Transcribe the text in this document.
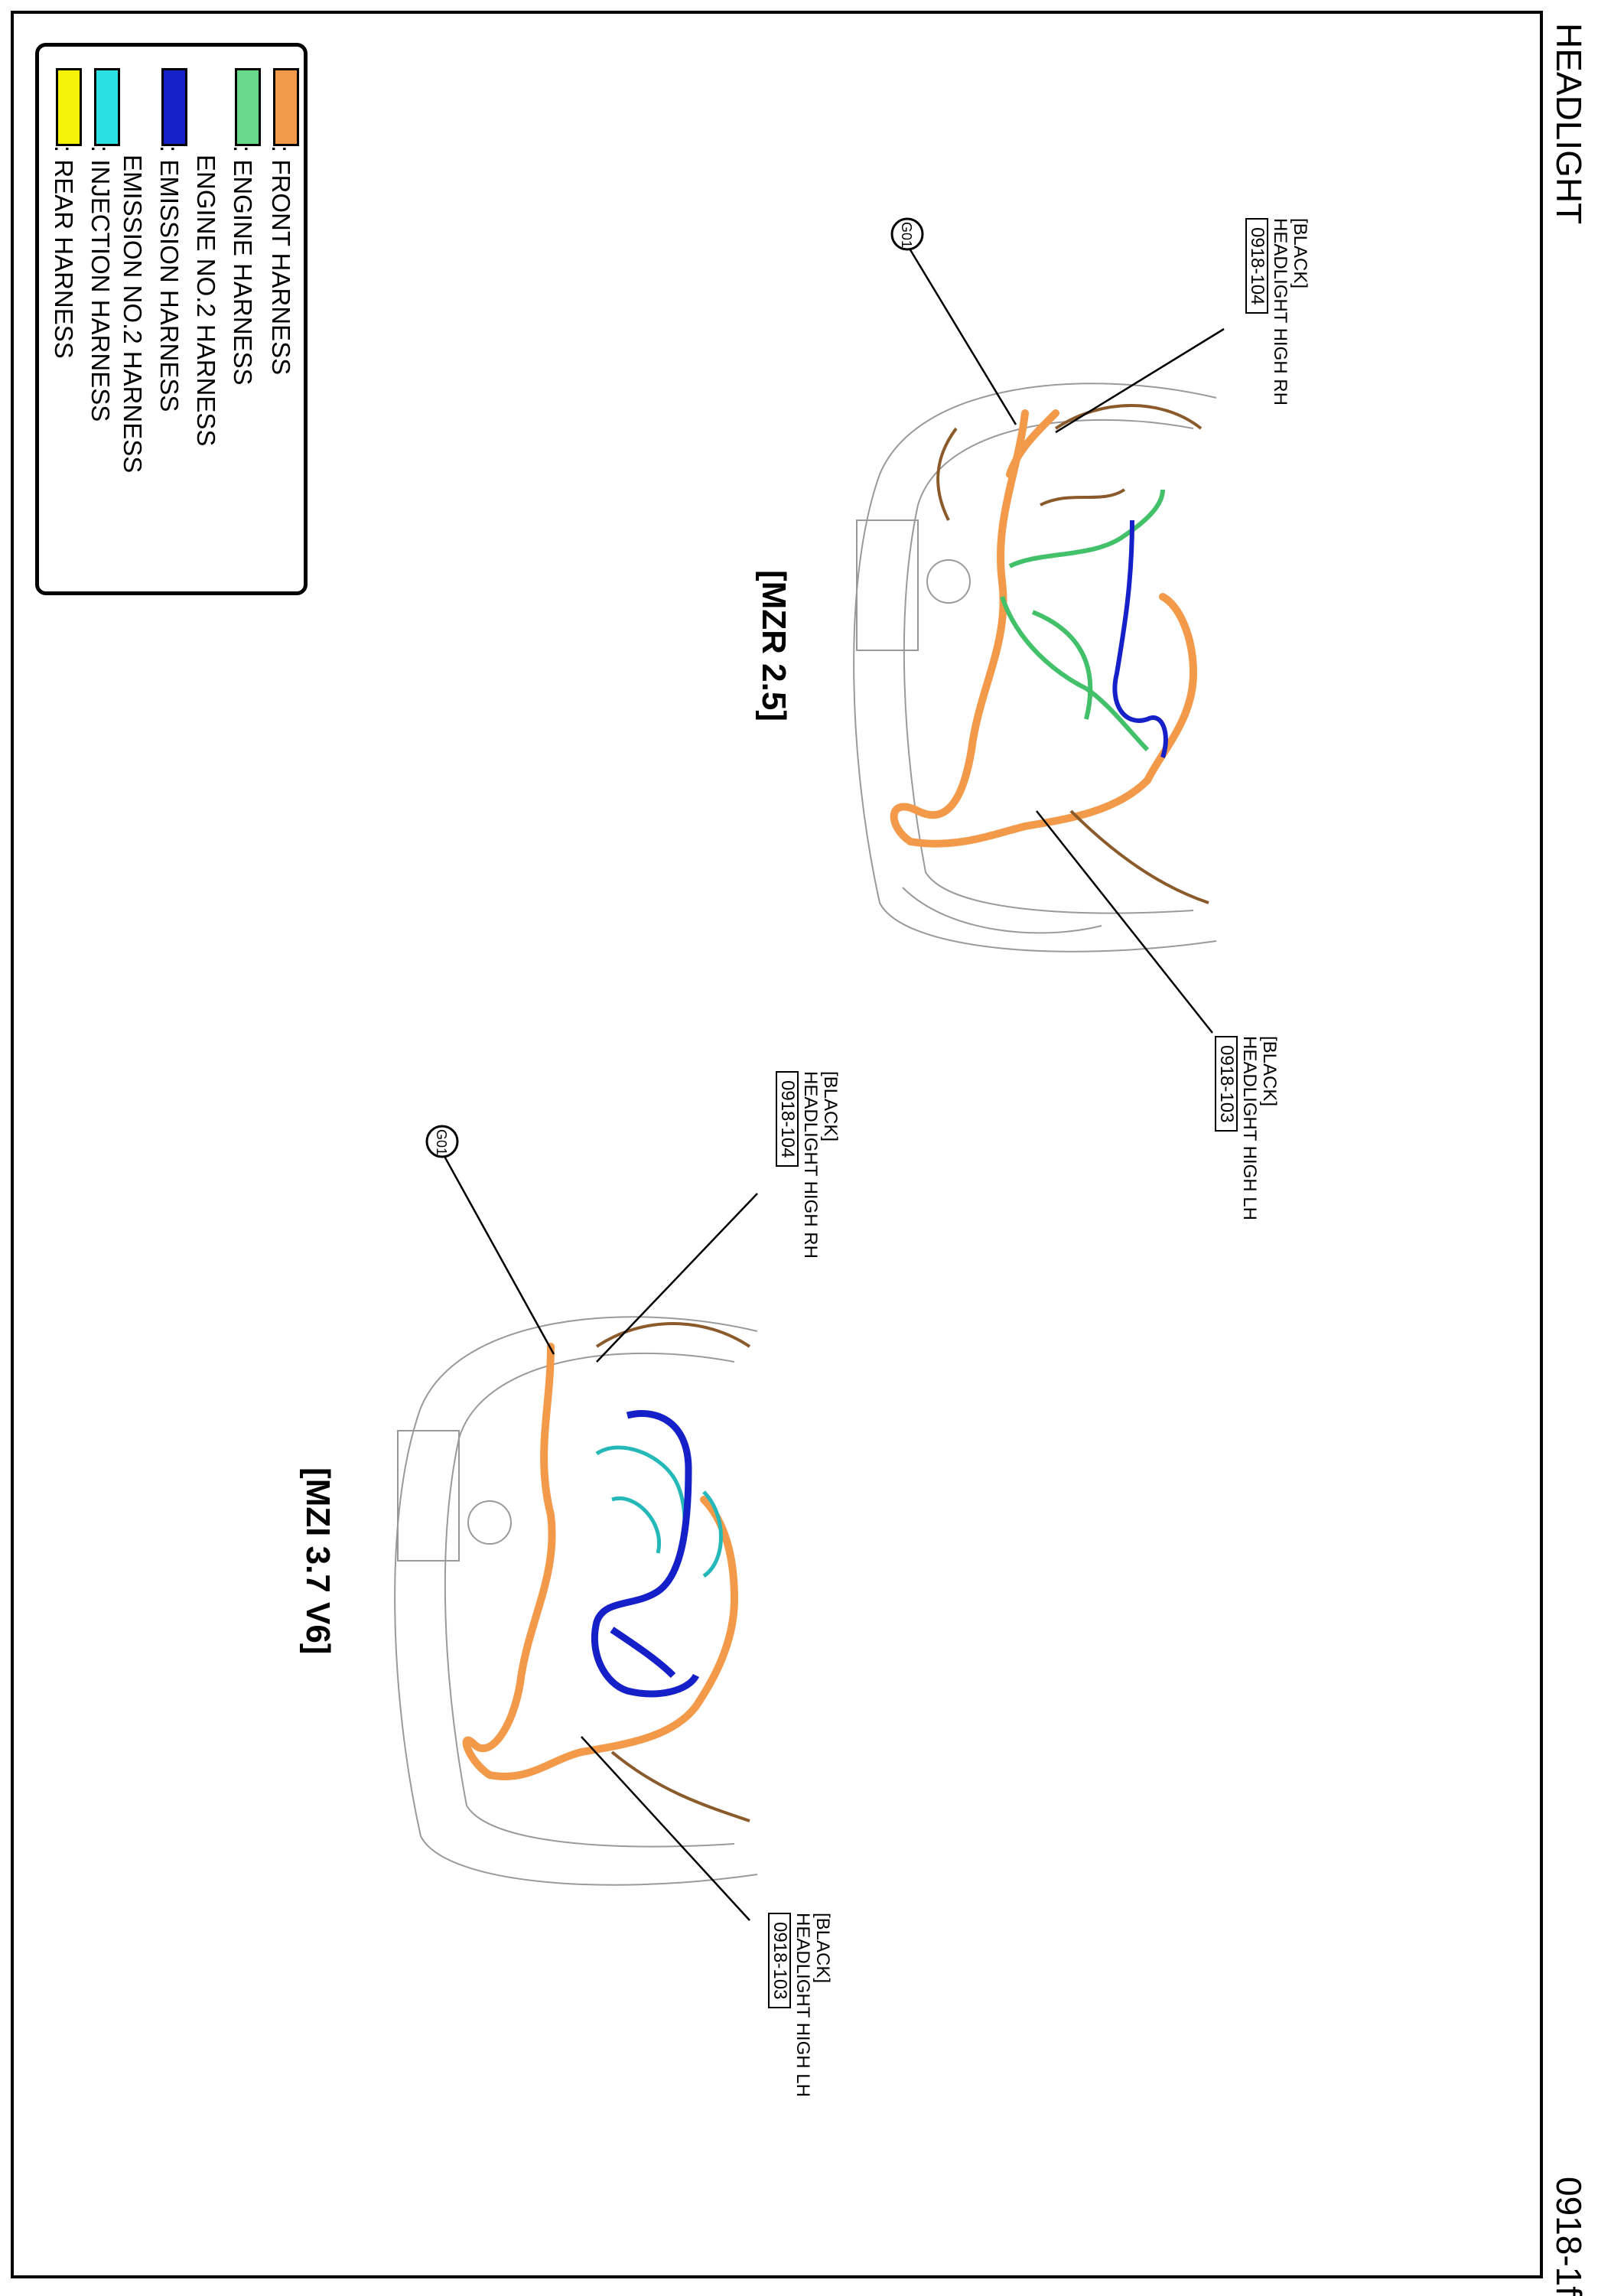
HEADLIGHT
0918-1f
: FRONT HARNESS
: ENGINE HARNESS
ENGINE NO.2 HARNESS
: EMISSION HARNESS
EMISSION NO.2 HARNESS
: INJECTION HARNESS
: REAR HARNESS
[MZR 2.5]
[MZI 3.7 V6]
G01
G01
[BLACK]
HEADLIGHT HIGH RH
0918-104
[BLACK]
HEADLIGHT HIGH LH
0918-103
[BLACK]
HEADLIGHT HIGH RH
0918-104
[BLACK]
HEADLIGHT HIGH LH
0918-103
